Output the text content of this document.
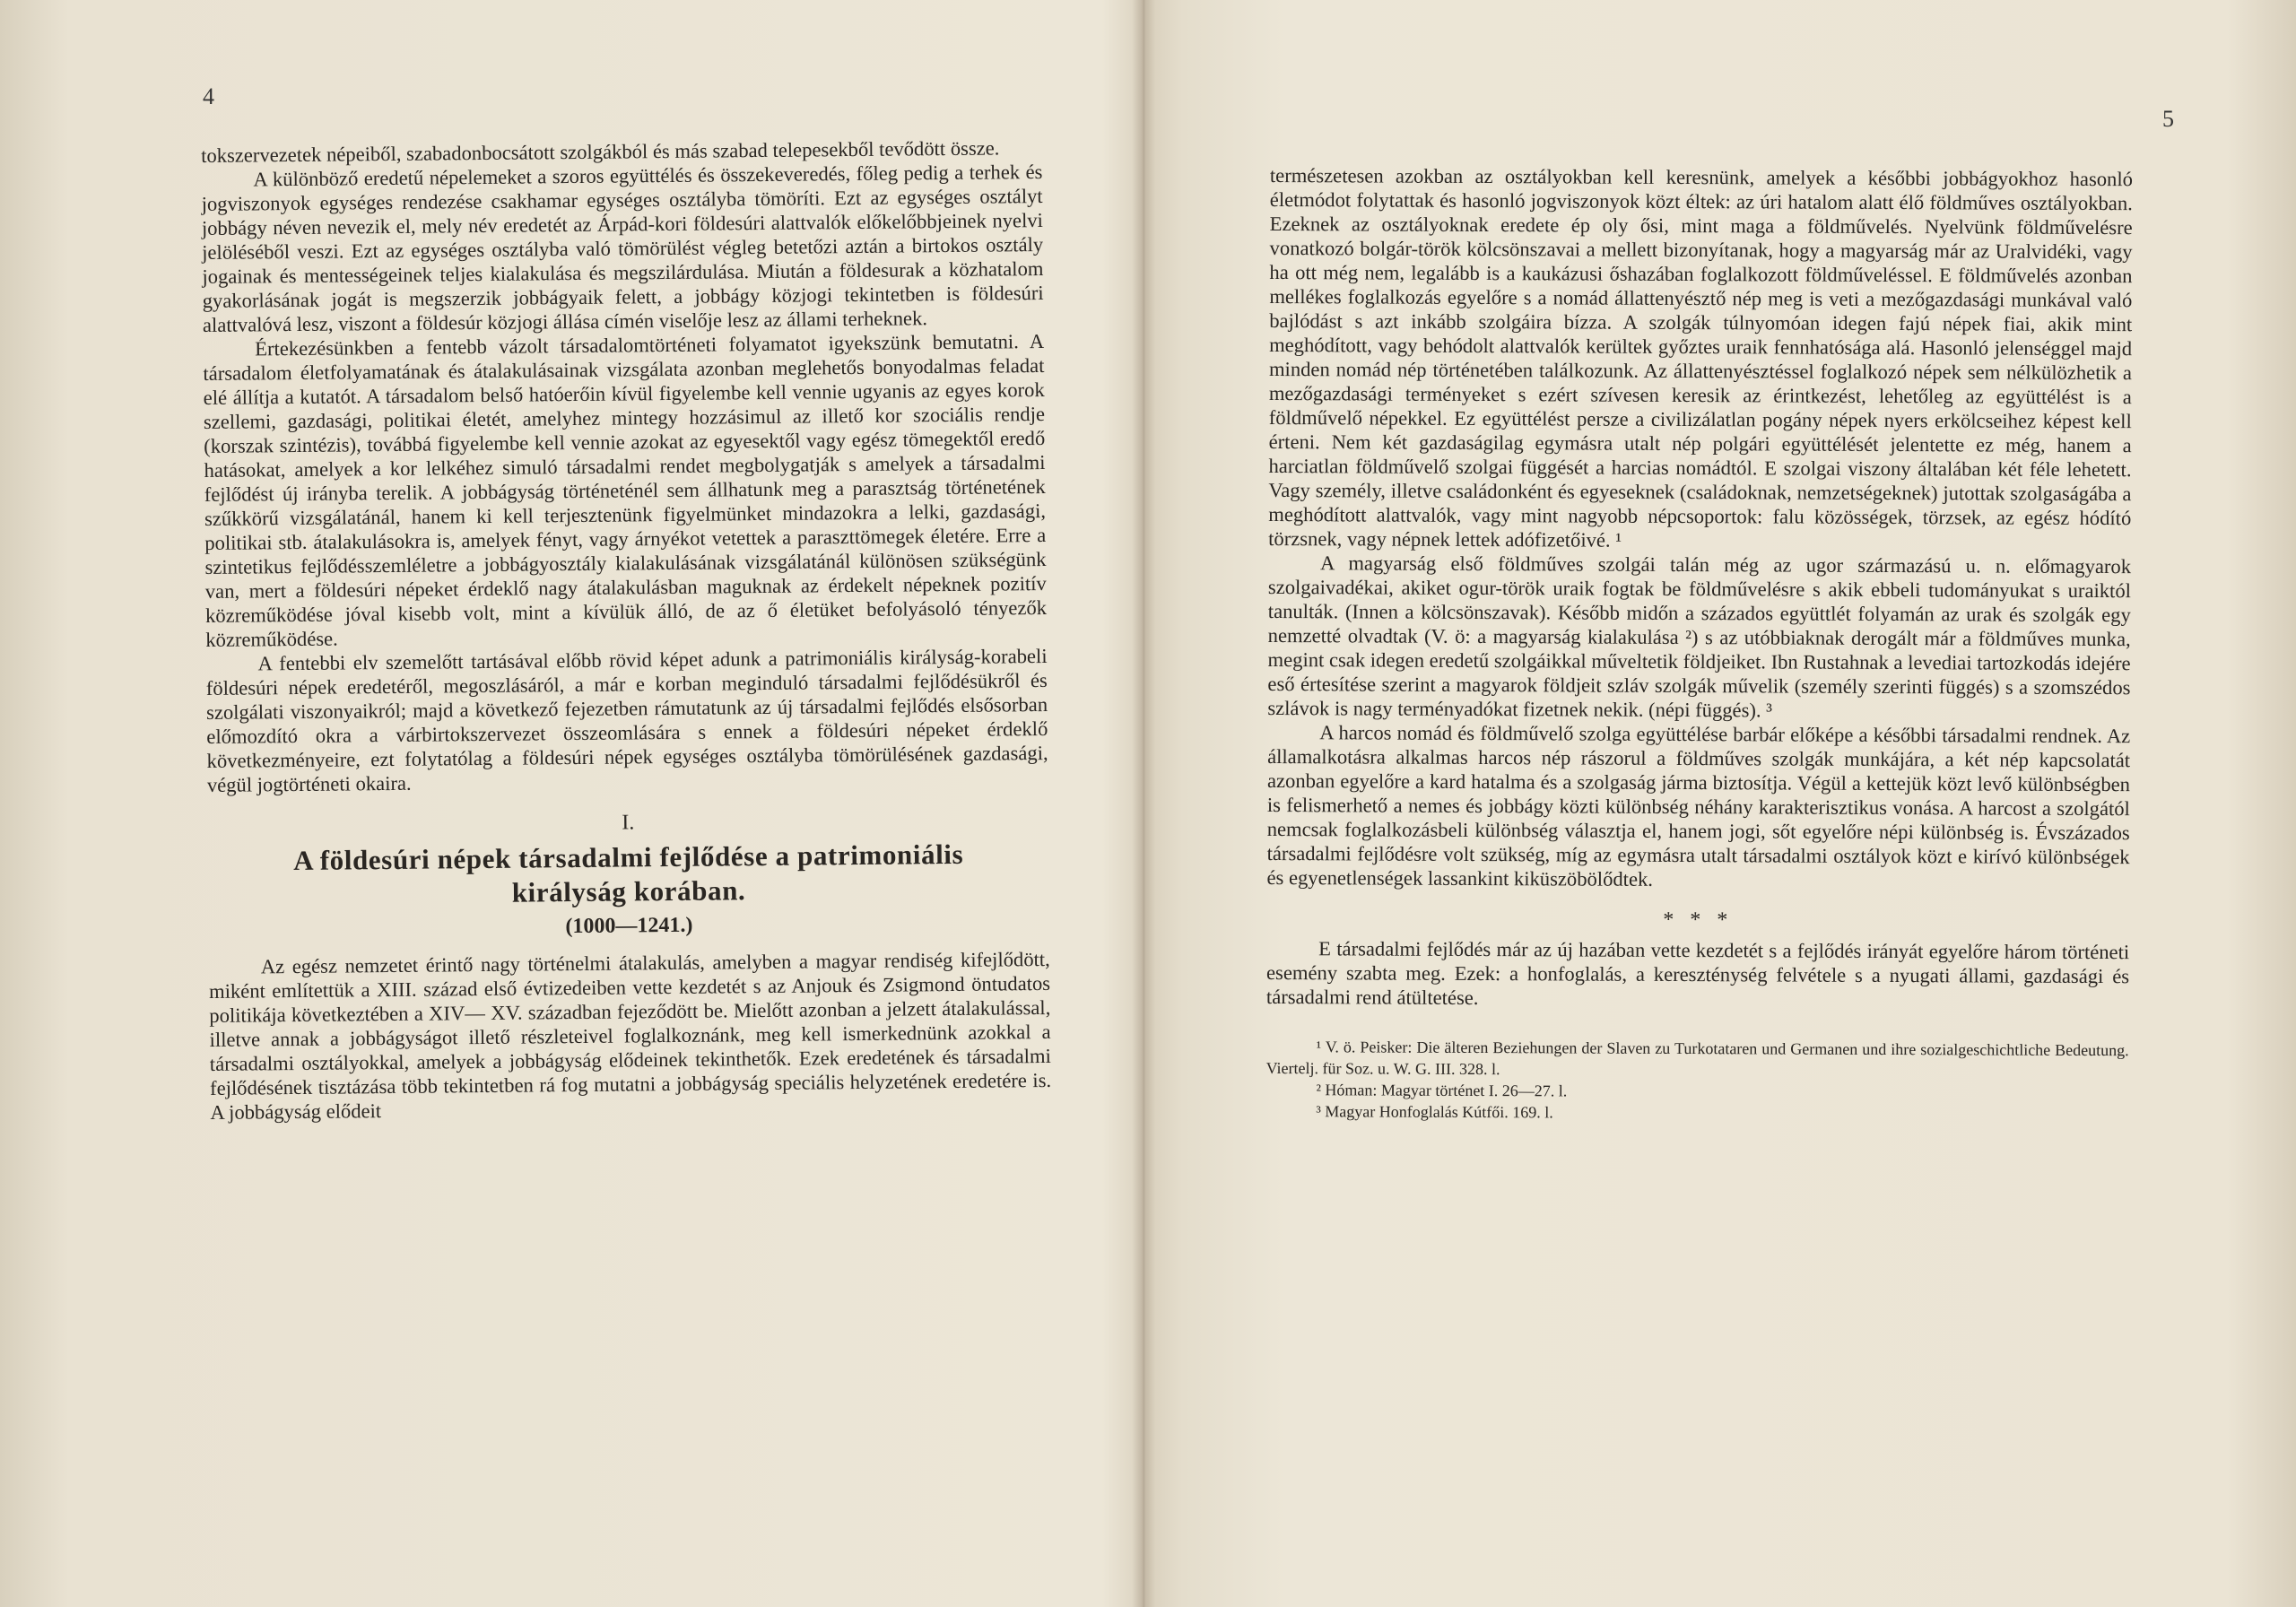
4

tokszervezetek népeiből, szabadonbocsátott szolgákból és más szabad telepesekből tevődött össze.

A különböző eredetű népelemeket a szoros együttélés és összekeveredés, főleg pedig a terhek és jogviszonyok egységes rendezése csakhamar egységes osztályba tömöríti. Ezt az egységes osztályt jobbágy néven nevezik el, mely név eredetét az Árpád-kori földesúri alattvalók előkelőbbjeinek nyelvi jelöléséből veszi. Ezt az egységes osztályba való tömörülést végleg betetőzi aztán a birtokos osztály jogainak és mentességeinek teljes kialakulása és megszilárdulása. Miután a földesurak a közhatalom gyakorlásának jogát is megszerzik jobbágyaik felett, a jobbágy közjogi tekintetben is földesúri alattvalóvá lesz, viszont a földesúr közjogi állása címén viselője lesz az állami terheknek.

Értekezésünkben a fentebb vázolt társadalomtörténeti folyamatot igyekszünk bemutatni. A társadalom életfolyamatának és átalakulásainak vizsgálata azonban meglehetős bonyodalmas feladat elé állítja a kutatót. A társadalom belső hatóerőin kívül figyelembe kell vennie ugyanis az egyes korok szellemi, gazdasági, politikai életét, amelyhez mintegy hozzásimul az illető kor szociális rendje (korszak szintézis), továbbá figyelembe kell vennie azokat az egyesektől vagy egész tömegektől eredő hatásokat, amelyek a kor lelkéhez simuló társadalmi rendet megbolygatják s amelyek a társadalmi fejlődést új irányba terelik. A jobbágyság történeténél sem állhatunk meg a parasztság történetének szűkkörű vizsgálatánál, hanem ki kell terjesztenünk figyelmünket mindazokra a lelki, gazdasági, politikai stb. átalakulásokra is, amelyek fényt, vagy árnyékot vetettek a paraszttömegek életére. Erre a szintetikus fejlődésszemléletre a jobbágyosztály kialakulásának vizsgálatánál különösen szükségünk van, mert a földesúri népeket érdeklő nagy átalakulásban maguknak az érdekelt népeknek pozitív közreműködése jóval kisebb volt, mint a kívülük álló, de az ő életüket befolyásoló tényezők közreműködése.

A fentebbi elv szemelőtt tartásával előbb rövid képet adunk a patrimoniális királyság-korabeli földesúri népek eredetéről, megoszlásáról, a már e korban meginduló társadalmi fejlődésükről és szolgálati viszonyaikról; majd a következő fejezetben rámutatunk az új társadalmi fejlődés elsősorban előmozdító okra a várbirtokszervezet összeomlására s ennek a földesúri népeket érdeklő következményeire, ezt folytatólag a földesúri népek egységes osztályba tömörülésének gazdasági, végül jogtörténeti okaira.

I.
A földesúri népek társadalmi fejlődése a patrimoniális királyság korában.
(1000—1241.)

Az egész nemzetet érintő nagy történelmi átalakulás, amelyben a magyar rendiség kifejlődött, miként említettük a XIII. század első évtizedeiben vette kezdetét s az Anjouk és Zsigmond öntudatos politikája következtében a XIV— XV. században fejeződött be. Mielőtt azonban a jelzett átalakulással, illetve annak a jobbágyságot illető részleteivel foglalkoznánk, meg kell ismerkednünk azokkal a társadalmi osztályokkal, amelyek a jobbágyság elődeinek tekinthetők. Ezek eredetének és társadalmi fejlődésének tisztázása több tekintetben rá fog mutatni a jobbágyság speciális helyzetének eredetére is. A jobbágyság elődeit

5

természetesen azokban az osztályokban kell keresnünk, amelyek a későbbi jobbágyokhoz hasonló életmódot folytattak és hasonló jogviszonyok közt éltek: az úri hatalom alatt élő földműves osztályokban. Ezeknek az osztályoknak eredete ép oly ősi, mint maga a földművelés. Nyelvünk földművelésre vonatkozó bolgár-török kölcsönszavai a mellett bizonyítanak, hogy a magyarság már az Uralvidéki, vagy ha ott még nem, legalább is a kaukázusi őshazában foglalkozott földműveléssel. E földművelés azonban mellékes foglalkozás egyelőre s a nomád állattenyésztő nép meg is veti a mezőgazdasági munkával való bajlódást s azt inkább szolgáira bízza. A szolgák túlnyomóan idegen fajú népek fiai, akik mint meghódított, vagy behódolt alattvalók kerültek győztes uraik fennhatósága alá. Hasonló jelenséggel majd minden nomád nép történetében találkozunk. Az állattenyésztéssel foglalkozó népek sem nélkülözhetik a mezőgazdasági terményeket s ezért szívesen keresik az érintkezést, lehetőleg az együttélést is a földművelő népekkel. Ez együttélést persze a civilizálatlan pogány népek nyers erkölcseihez képest kell érteni. Nem két gazdaságilag egymásra utalt nép polgári együttélését jelentette ez még, hanem a harciatlan földművelő szolgai függését a harcias nomádtól. E szolgai viszony általában két féle lehetett. Vagy személy, illetve családonként és egyeseknek (családoknak, nemzetségeknek) jutottak szolgaságába a meghódított alattvalók, vagy mint nagyobb népcsoportok: falu közösségek, törzsek, az egész hódító törzsnek, vagy népnek lettek adófizetőivé. ¹

A magyarság első földműves szolgái talán még az ugor származású u. n. előmagyarok szolgaivadékai, akiket ogur-török uraik fogtak be földművelésre s akik ebbeli tudományukat s uraiktól tanulták. (Innen a kölcsönszavak). Később midőn a százados együttlét folyamán az urak és szolgák egy nemzetté olvadtak (V. ö: a magyarság kialakulása ²) s az utóbbiaknak derogált már a földműves munka, megint csak idegen eredetű szolgáikkal műveltetik földjeiket. Ibn Rustahnak a levediai tartozkodás idejére eső értesítése szerint a magyarok földjeit szláv szolgák művelik (személy szerinti függés) s a szomszédos szlávok is nagy terményadókat fizetnek nekik. (népi függés). ³

A harcos nomád és földművelő szolga együttélése barbár előképe a későbbi társadalmi rendnek. Az államalkotásra alkalmas harcos nép rászorul a földműves szolgák munkájára, a két nép kapcsolatát azonban egyelőre a kard hatalma és a szolgaság járma biztosítja. Végül a kettejük közt levő különbségben is felismerhető a nemes és jobbágy közti különbség néhány karakterisztikus vonása. A harcost a szolgától nemcsak foglalkozásbeli különbség választja el, hanem jogi, sőt egyelőre népi különbség is. Évszázados társadalmi fejlődésre volt szükség, míg az egymásra utalt társadalmi osztályok közt e kirívó különbségek és egyenetlenségek lassankint kiküszöbölődtek.

* * *

E társadalmi fejlődés már az új hazában vette kezdetét s a fejlődés irányát egyelőre három történeti esemény szabta meg. Ezek: a honfoglalás, a kereszténység felvétele s a nyugati állami, gazdasági és társadalmi rend átültetése.

¹ V. ö. Peisker: Die älteren Beziehungen der Slaven zu Turkotataren und Germanen und ihre sozialgeschichtliche Bedeutung. Viertelj. für Soz. u. W. G. III. 328. l.

² Hóman: Magyar történet I. 26—27. l.

³ Magyar Honfoglalás Kútfői. 169. l.
